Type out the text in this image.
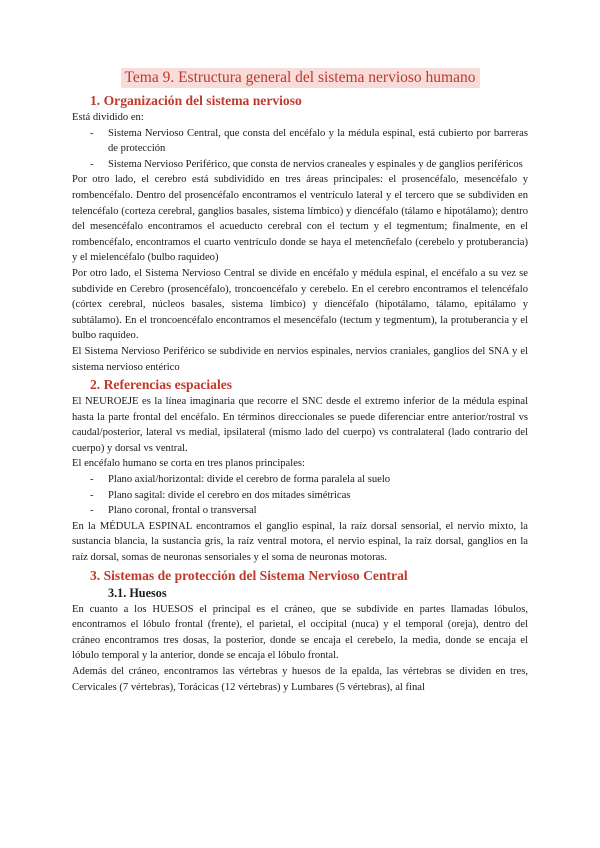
Tema 9. Estructura general del sistema nervioso humano
1. Organización del sistema nervioso

Está dividido en:

- Sistema Nervioso Central, que consta del encéfalo y la médula espinal, está cubierto por barreras de protección
- Sistema Nervioso Periférico, que consta de nervios craneales y espinales y de ganglios periféricos

Por otro lado, el cerebro está subdividido en tres áreas principales: el prosencéfalo, mesencéfalo y rombencéfalo. Dentro del prosencéfalo encontramos el ventrículo lateral y el tercero que se subdividen en telencéfalo (corteza cerebral, ganglios basales, sistema límbico) y diencéfalo (tálamo e hipotálamo); dentro del mesencéfalo encontramos el acueducto cerebral con el tectum y el tegmentum; finalmente, en el rombencéfalo, encontramos el cuarto ventrículo donde se haya el metencñefalo (cerebelo y protuberancia) y el mielencéfalo (bulbo raquideo)

Por otro lado, el Sistema Nervioso Central se divide en encéfalo y médula espinal, el encéfalo a su vez se subdivide en Cerebro (prosencéfalo), troncoencéfalo y cerebelo. En el cerebro encontramos el telencéfalo (córtex cerebral, núcleos basales, sistema límbico) y diencéfalo (hipotálamo, tálamo, epitálamo y subtálamo). En el troncoencéfalo encontramos el mesencéfalo (tectum y tegmentum), la protuberancia y el bulbo raquídeo.

El Sistema Nervioso Periférico se subdivide en nervios espinales, nervios craniales, ganglios del SNA y el sistema nervioso entérico

2. Referencias espaciales

El NEUROEJE es la línea imaginaria que recorre el SNC desde el extremo inferior de la médula espinal hasta la parte frontal del encéfalo. En términos direccionales se puede diferenciar entre anterior/rostral vs caudal/posterior, lateral vs medial, ipsilateral (mismo lado del cuerpo) vs contralateral (lado contrario del cuerpo) y dorsal vs ventral.

El encéfalo humano se corta en tres planos principales:

- Plano axial/horizontal: divide el cerebro de forma paralela al suelo
- Plano sagital: divide el cerebro en dos mitades simétricas
- Plano coronal, frontal o transversal

En la MÉDULA ESPINAL encontramos el ganglio espinal, la raíz dorsal sensorial, el nervio mixto, la sustancia blancia, la sustancia gris, la raíz ventral motora, el nervio espinal, la raíz dorsal, ganglios en la raíz dorsal, somas de neuronas sensoriales y el soma de neuronas motoras.

3. Sistemas de protección del Sistema Nervioso Central
3.1. Huesos

En cuanto a los HUESOS el principal es el cráneo, que se subdivide en partes llamadas lóbulos, encontramos el lóbulo frontal (frente), el parietal, el occipital (nuca) y el temporal (oreja), dentro del cráneo encontramos tres dosas, la posterior, donde se encaja el cerebelo, la media, donde se encaja el lóbulo temporal y la anterior, donde se encaja el lóbulo frontal.

Además del cráneo, encontramos las vértebras y huesos de la epalda, las vértebras se dividen en tres, Cervicales (7 vértebras), Torácicas (12 vértebras) y Lumbares (5 vértebras), al final
